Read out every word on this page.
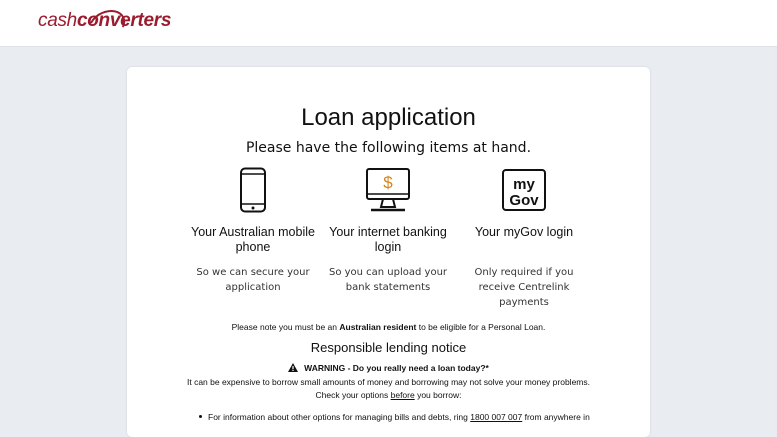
cashconverters
Loan application
Please have the following items at hand.
Your Australian mobile phone
So we can secure your application
$
Your internet banking login
So you can upload your bank statements
my
Gov
Your myGov login
Only required if you receive Centrelink payments
Please note you must be an Australian resident to be eligible for a Personal Loan.
Responsible lending notice
WARNING - Do you really need a loan today?*
It can be expensive to borrow small amounts of money and borrowing may not solve your money problems.
Check your options before you borrow:
For information about other options for managing bills and debts, ring 1800 007 007 from anywhere in
